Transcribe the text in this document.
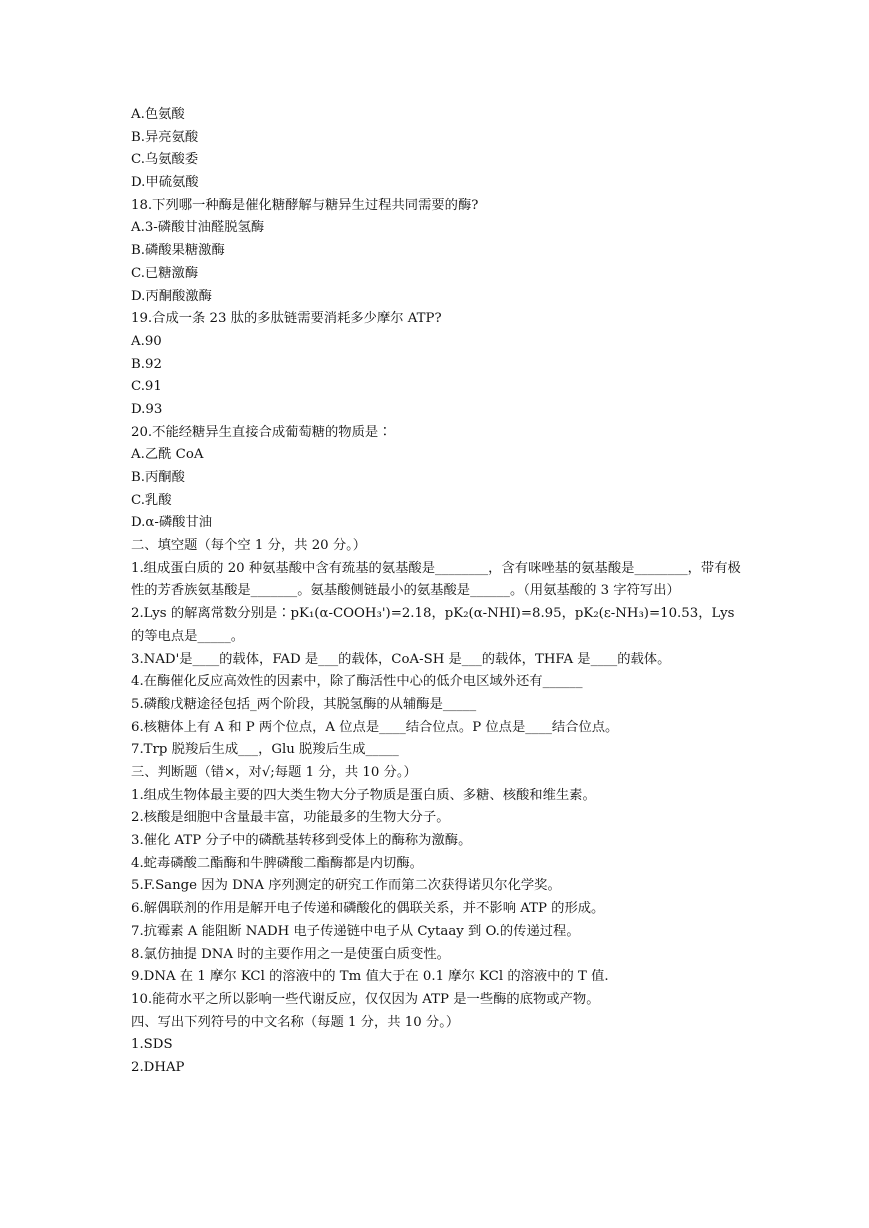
A.色氨酸
B.异亮氨酸
C.乌氨酸委
D.甲硫氨酸
18.下列哪一种酶是催化糖酵解与糖异生过程共同需要的酶?
A.3-磷酸甘油醛脱氢酶
B.磷酸果糖激酶
C.已糖激酶
D.丙酮酸激酶
19.合成一条 23 肽的多肽链需要消耗多少摩尔 ATP?
A.90
B.92
C.91
D.93
20.不能经糖异生直接合成葡萄糖的物质是∶
A.乙酰 CoA
B.丙酮酸
C.乳酸
D.α-磷酸甘油
二、填空题（每个空 1 分，共 20 分。）
1.组成蛋白质的 20 种氨基酸中含有巯基的氨基酸是________，含有咪唑基的氨基酸是________，带有极性的芳香族氨基酸是_______。氨基酸侧链最小的氨基酸是______。（用氨基酸的 3 字符写出）
2.Lys 的解离常数分别是∶pK₁(α-COOH₃')=2.18，pK₂(α-NHI)=8.95，pK₂(ε-NH₃)=10.53，Lys 的等电点是_____。
3.NAD'是____的载体，FAD 是___的载体，CoA-SH 是___的载体，THFA 是____的载体。
4.在酶催化反应高效性的因素中，除了酶活性中心的低介电区域外还有______
5.磷酸戊糖途径包括_两个阶段，其脱氢酶的从辅酶是_____
6.核糖体上有 A 和 P 两个位点，A 位点是____结合位点。P 位点是____结合位点。
7.Trp 脱羧后生成___，Glu 脱羧后生成_____
三、判断题（错×，对√;每题 1 分，共 10 分。）
1.组成生物体最主要的四大类生物大分子物质是蛋白质、多糖、核酸和维生素。
2.核酸是细胞中含量最丰富，功能最多的生物大分子。
3.催化 ATP 分子中的磷酰基转移到受体上的酶称为激酶。
4.蛇毒磷酸二酯酶和牛脾磷酸二酯酶都是内切酶。
5.F.Sange 因为 DNA 序列测定的研究工作而第二次获得诺贝尔化学奖。
6.解偶联剂的作用是解开电子传递和磷酸化的偶联关系，并不影响 ATP 的形成。
7.抗霉素 A 能阻断 NADH 电子传递链中电子从 Cytaay 到 O.的传递过程。
8.氯仿抽提 DNA 时的主要作用之一是使蛋白质变性。
9.DNA 在 1 摩尔 KCl 的溶液中的 Tm 值大于在 0.1 摩尔 KCl 的溶液中的 T 值.
10.能荷水平之所以影响一些代谢反应，仅仅因为 ATP 是一些酶的底物或产物。
四、写出下列符号的中文名称（每题 1 分，共 10 分。）
1.SDS
2.DHAP
